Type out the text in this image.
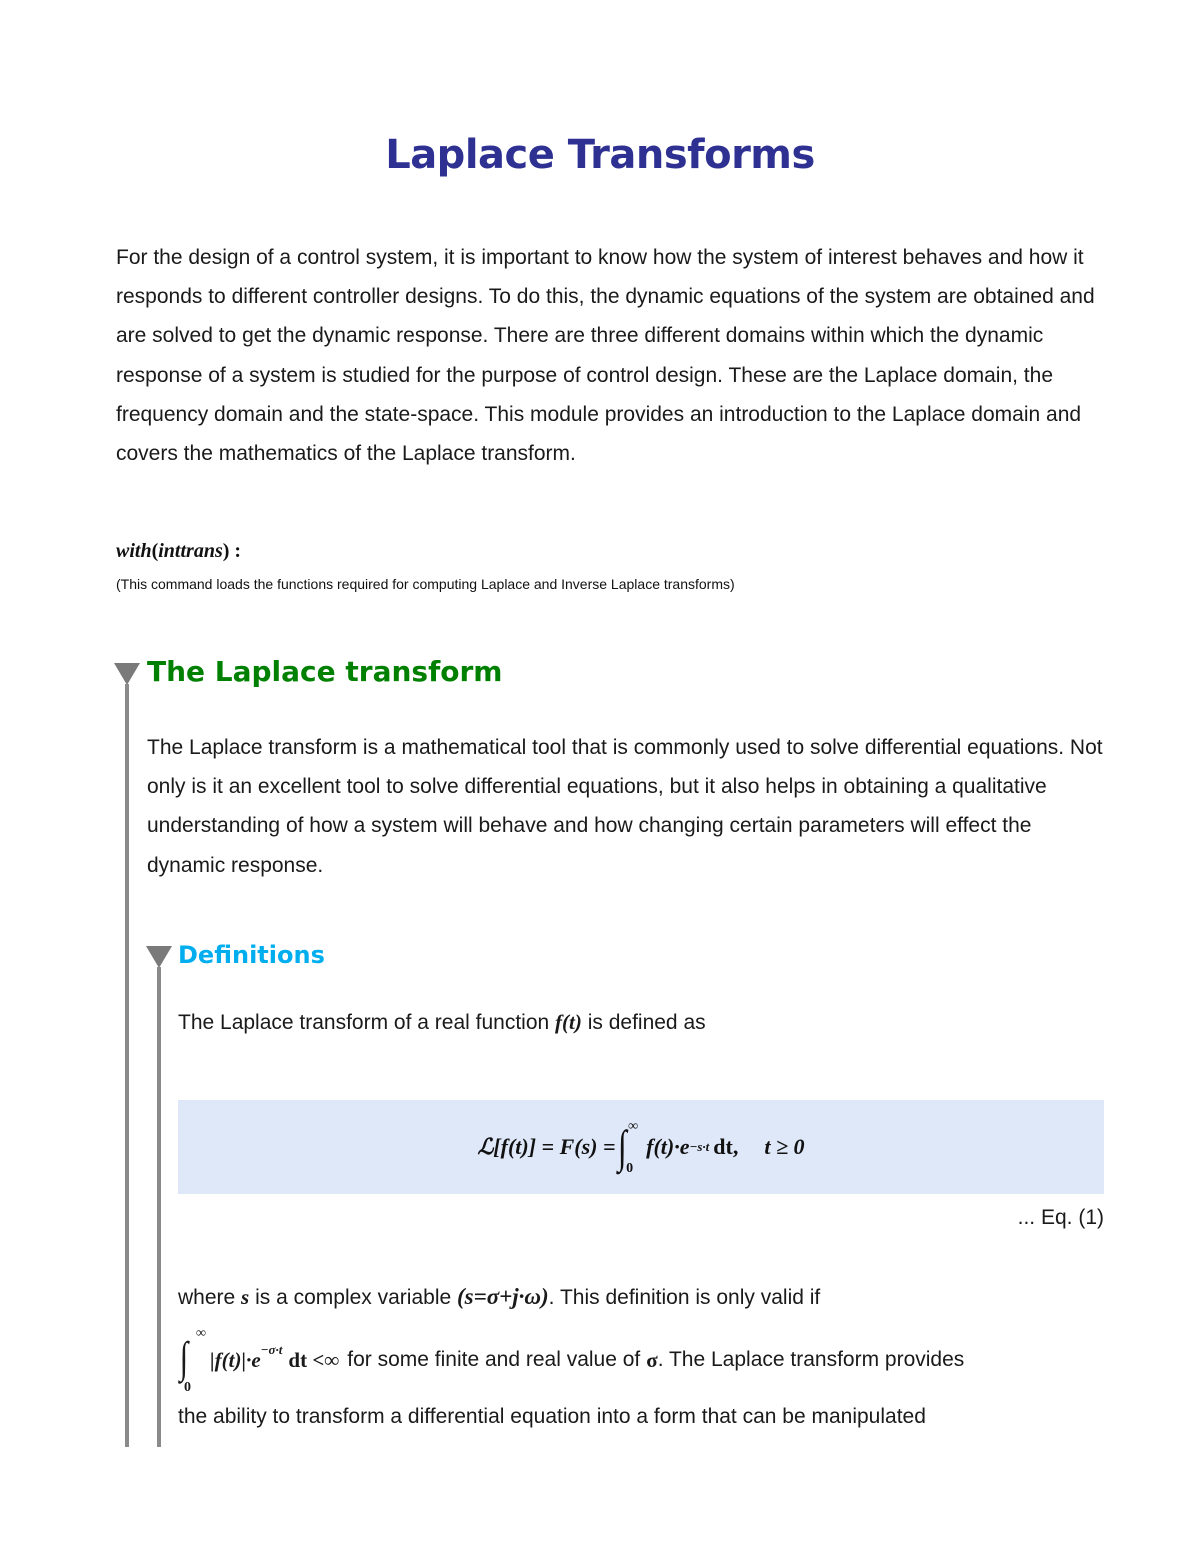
Laplace Transforms
For the design of a control system, it is important to know how the system of interest behaves and how it responds to different controller designs. To do this, the dynamic equations of the system are obtained and are solved to get the dynamic response. There are three different domains within which the dynamic response of a system is studied for the purpose of control design. These are the Laplace domain, the frequency domain and the state-space. This module provides an introduction to the Laplace domain and covers the mathematics of the Laplace transform.
with(inttrans) :
(This command loads the functions required for computing Laplace and Inverse Laplace transforms)
The Laplace transform
The Laplace transform is a mathematical tool that is commonly used to solve differential equations. Not only is it an excellent tool to solve differential equations, but it also helps in obtaining a qualitative understanding of how a system will behave and how changing certain parameters will effect the dynamic response.
Definitions
The Laplace transform of a real function f(t) is defined as
ℒ[f(t)] = F(s) = ∫ ∞
0
f(t)·e −s·t dt, t ≥ 0
... Eq. (1)
where s is a complex variable (s=σ+j·ω). This definition is only valid if
∫ ∞
0
$|f(t)|\cdot e^{-\sigma\cdot t}$ dt <∞ for some finite and real value of σ . The Laplace transform provides
the ability to transform a differential equation into a form that can be manipulated
